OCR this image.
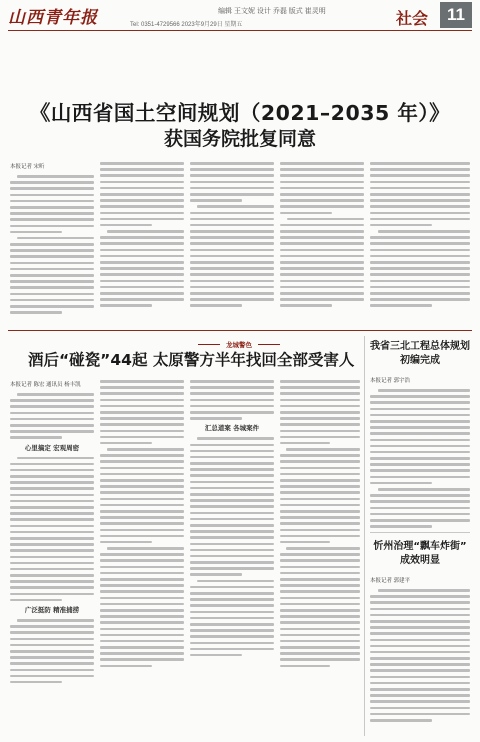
山西青年报	编辑 王文妮 设计 乔磊 版式 崔灵明
Tel: 0351-4729566 2023年9月29日 星期五	社会	11
《山西省国土空间规划（2021–2035 年）》
获国务院批复同意
本报记者 宋昕
龙城警色
酒后“碰瓷”44起 太原警方半年找回全部受害人
本报记者 陈宏 通讯员 杨丰凯
心里搞定 宏观周密
广泛挺防 精准捕捞
汇总道案 各城案件
我省三北工程总体规划
初编完成
本报记者 郭宇浩
忻州治理“飘车炸街”
成效明显
本报记者 郭建平
